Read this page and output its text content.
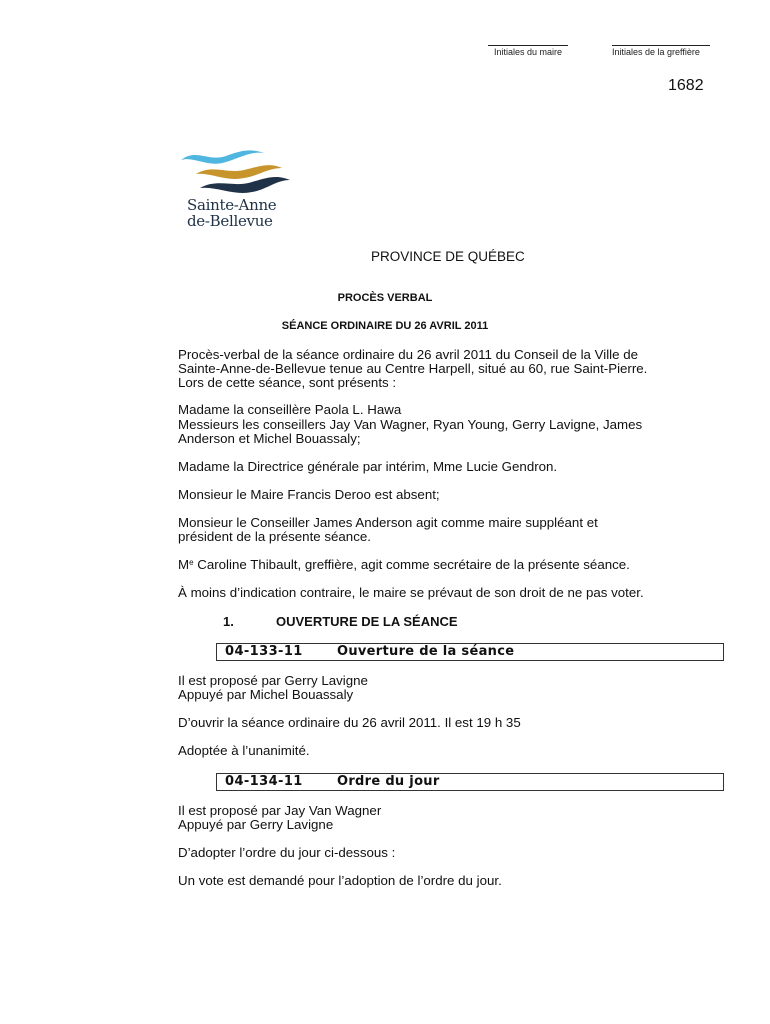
Initiales du maire	Initiales de la greffière
1682
Sainte-Anne
de-Bellevue
PROVINCE DE QUÉBEC
PROCÈS VERBAL
SÉANCE ORDINAIRE DU 26 AVRIL 2011

Procès-verbal de la séance ordinaire du 26 avril 2011 du Conseil de la Ville de

Sainte-Anne-de-Bellevue tenue au Centre Harpell, situé au 60, rue Saint-Pierre.

Lors de cette séance, sont présents :

Madame la conseillère Paola L. Hawa

Messieurs les conseillers Jay Van Wagner, Ryan Young, Gerry Lavigne, James

Anderson et Michel Bouassaly;

Madame la Directrice générale par intérim, Mme Lucie Gendron.

Monsieur le Maire Francis Deroo est absent;

Monsieur le Conseiller James Anderson agit comme maire suppléant et

président de la présente séance.

Me Caroline Thibault, greffière, agit comme secrétaire de la présente séance.

À moins d’indication contraire, le maire se prévaut de son droit de ne pas voter.

1.	OUVERTURE DE LA SÉANCE
04-133-11	Ouverture de la séance

Il est proposé par Gerry Lavigne

Appuyé par Michel Bouassaly

D’ouvrir la séance ordinaire du 26 avril 2011. Il est 19 h 35

Adoptée à l’unanimité.

04-134-11	Ordre du jour

Il est proposé par Jay Van Wagner

Appuyé par Gerry Lavigne

D’adopter l’ordre du jour ci-dessous :

Un vote est demandé pour l’adoption de l’ordre du jour.
